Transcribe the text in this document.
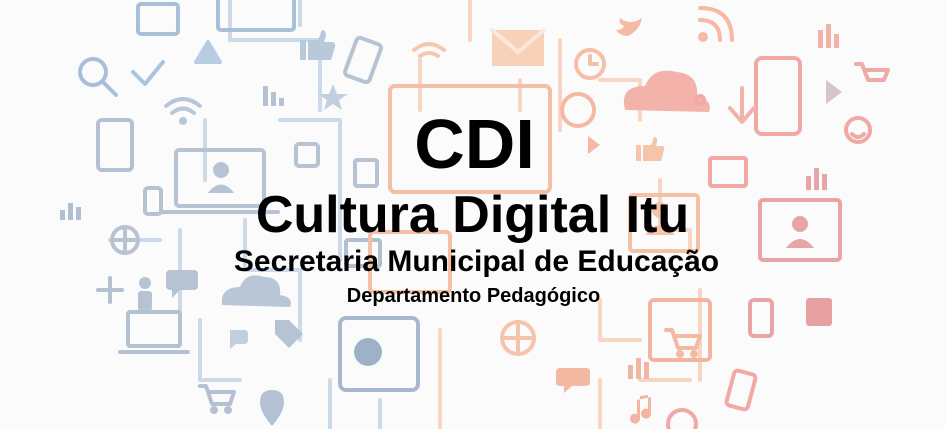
CDI
Cultura Digital Itu
Secretaria Municipal de Educação
Departamento Pedagógico
